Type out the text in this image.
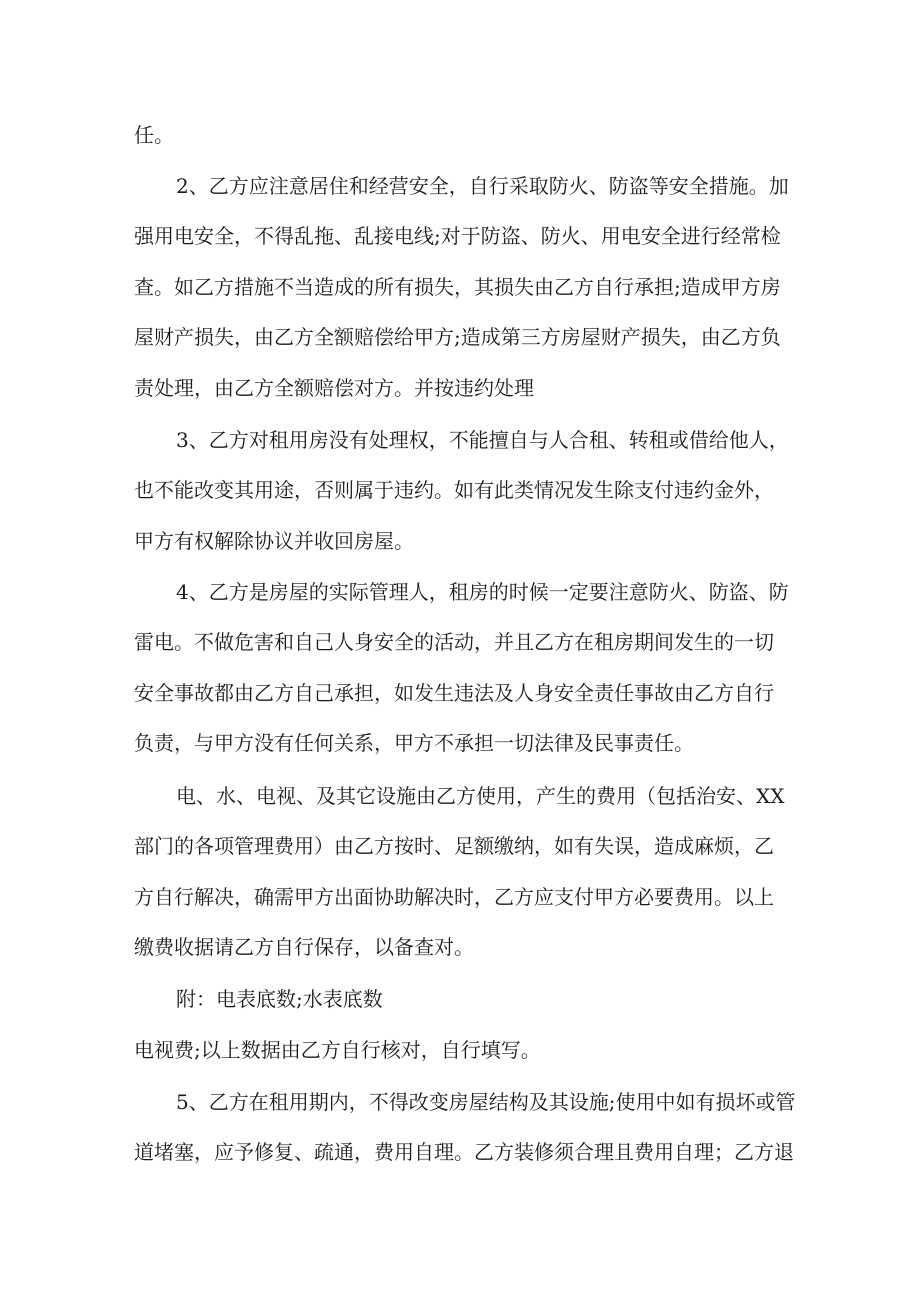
任。

2、乙方应注意居住和经营安全，自行采取防火、防盗等安全措施。加

强用电安全，不得乱拖、乱接电线;对于防盗、防火、用电安全进行经常检

查。如乙方措施不当造成的所有损失，其损失由乙方自行承担;造成甲方房

屋财产损失，由乙方全额赔偿给甲方;造成第三方房屋财产损失，由乙方负

责处理，由乙方全额赔偿对方。并按违约处理

3、乙方对租用房没有处理权，不能擅自与人合租、转租或借给他人，

也不能改变其用途，否则属于违约。如有此类情况发生除支付违约金外，

甲方有权解除协议并收回房屋。

4、乙方是房屋的实际管理人，租房的时候一定要注意防火、防盗、防

雷电。不做危害和自己人身安全的活动，并且乙方在租房期间发生的一切

安全事故都由乙方自己承担，如发生违法及人身安全责任事故由乙方自行

负责，与甲方没有任何关系，甲方不承担一切法律及民事责任。

电、水、电视、及其它设施由乙方使用，产生的费用（包括治安、XX

部门的各项管理费用）由乙方按时、足额缴纳，如有失误，造成麻烦，乙

方自行解决，确需甲方出面协助解决时，乙方应支付甲方必要费用。以上

缴费收据请乙方自行保存，以备查对。

附：电表底数;水表底数

电视费;以上数据由乙方自行核对，自行填写。

5、乙方在租用期内，不得改变房屋结构及其设施;使用中如有损坏或管

道堵塞，应予修复、疏通，费用自理。乙方装修须合理且费用自理；乙方退
